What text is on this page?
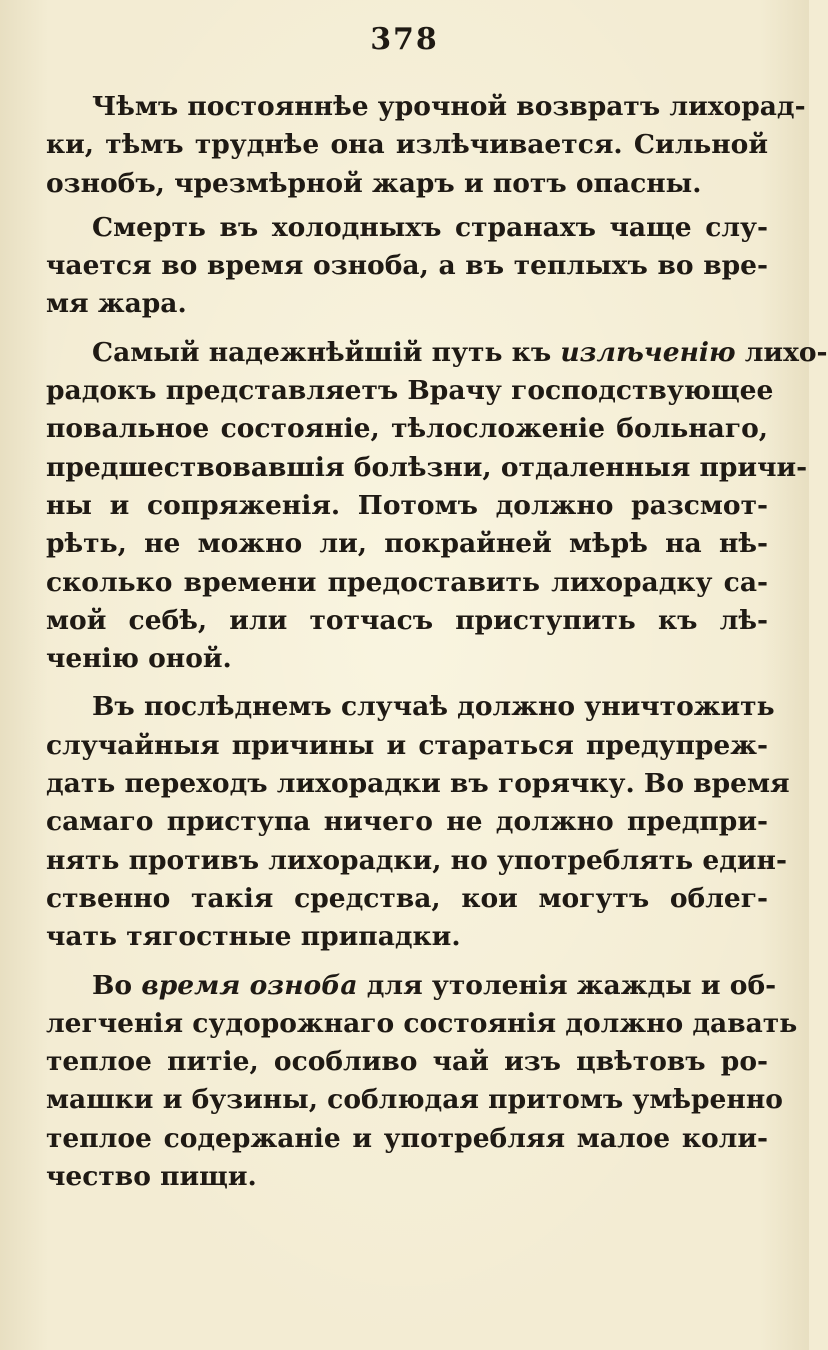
378
Чѣмъ постояннѣе урочной возвратъ лихорад-
ки, тѣмъ труднѣе она излѣчивается. Сильной
ознобъ, чрезмѣрной жаръ и потъ опасны.
Смерть въ холодныхъ странахъ чаще слу-
чается во время озноба, а въ теплыхъ во вре-
мя жара.
Самый надежнѣйшій путь къ излѣченію лихо-
радокъ представляетъ Врачу господствующее
повальное состояніе, тѣлосложеніе больнаго,
предшествовавшія болѣзни, отдаленныя причи-
ны и сопряженія. Потомъ должно разсмот-
рѣть, не можно ли, покрайней мѣрѣ на нѣ-
сколько времени предоставить лихорадку са-
мой себѣ, или тотчасъ приступить къ лѣ-
ченію оной.
Въ послѣднемъ случаѣ должно уничтожить
случайныя причины и стараться предупреж-
дать переходъ лихорадки въ горячку. Во время
самаго приступа ничего не должно предпри-
нять противъ лихорадки, но употреблять един-
ственно такія средства, кои могутъ облег-
чать тягостные припадки.
Во время озноба для утоленія жажды и об-
легченія судорожнаго состоянія должно давать
теплое питіе, особливо чай изъ цвѣтовъ ро-
машки и бузины, соблюдая притомъ умѣренно
теплое содержаніе и употребляя малое коли-
чество пищи.
